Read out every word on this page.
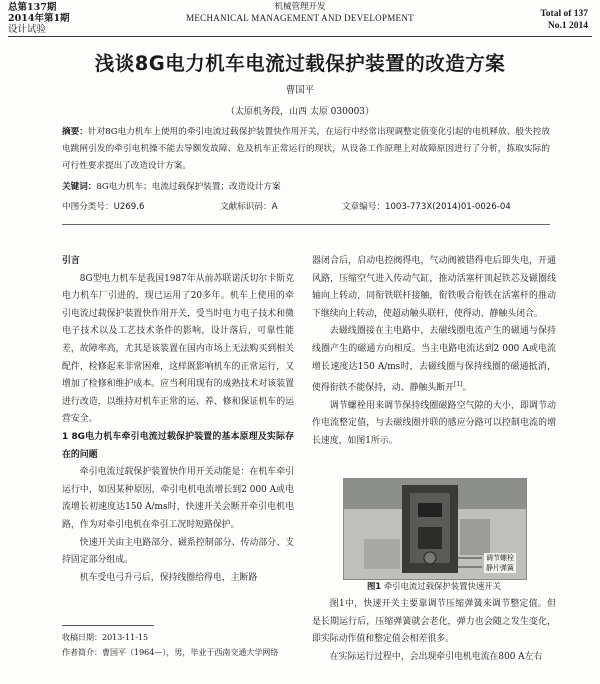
总第137期
2014年第1期
设计试验
机械管理开发
MECHANICAL MANAGEMENT AND DEVELOPMENT	Total of 137
No.1 2014
浅谈8G电力机车电流过载保护装置的改造方案
曹国平
（太原机务段，山西 太原 030003）
摘要：针对8G电力机车上使用的牵引电流过载保护装置快作用开关，在运行中经常出现调整定值变化引起的电机释放、般失控放电跳闸引发的牵引电机操不能去导额发故障、危及机车正常运行的现状，从设备工作原理上对故障原因进行了分析，拣取实际的可行性要求提出了改造设计方案。
关键词：8G电力机车；电流过载保护装置；改造设计方案
中图分类号：U269.6	文献标识码：A	文章编号：1003-773X(2014)01-0026-04
引言

8G型电力机车是我国1987年从前苏联诺沃切尔卡斯克电力机车厂引进的，现已运用了20多年。机车上使用的牵引电流过载保护装置快作用开关，受当时电力电子技术和微电子技术以及工艺技术条件的影响，设计落后，可靠性能差，故障率高，尤其是该装置在国内市场上无法购买到相关配件，检修起来非常困难，这样既影响机车的正常运行，又增加了检修和维护成本。应当利用现有的成熟技术对该装置进行改造，以维持对机车正常的运、养、修和保证机车的运营安全。

1 8G电力机车牵引电流过载保护装置的基本原理及实际存在的问题

牵引电流过载保护装置快作用开关动能是：在机车牵引运行中，如因某种原因，牵引电机电流增长到2 000 A或电流增长初速度达150 A/ms时，快速开关会断开牵引电机电路，作为对牵引电机在牵引工况时短路保护。

快速开关由主电路部分、磁系控制部分、传动部分、支持固定部分组成。

机车受电弓升弓后，保持线圈给得电，主断路

器闭合后，启动电控阀得电，气动阀被错得电后即失电，开通风路，压缩空气进入传动气缸，推动活塞杆顶起铁芯及磁圈线轴向上转动，同衔铁联杆接触，衔铁吸合衔铁在活塞杆的推动下继续向上转动，使超动触头联杆，使得动、静触头闭合。

去磁线圈接在主电路中，去磁线圈电流产生的磁通与保持线圈产生的磁通方向相反。当主电路电流达到2 000 A或电流增长速度达150 A/ms时，去磁线圈与保持线圈的磁通抵消，使得衔铁不能保持，动、静触头断开[1]。

调节螺栓用来调节保持线圈磁路空气隙的大小，即调节动作电流整定值，与去磁线圈并联的感应分路可以控制电流的增长速度，如图1所示。

调节螺栓
静片弹簧
图1 牵引电流过载保护装置快速开关

图1中，快速开关主要靠调节压缩弹簧来调节整定值。但是长期运行后，压缩弹簧就会老化，弹力也会随之发生变化，即实际动作值和整定值会相差很多。

在实际运行过程中，会出现牵引电机电流在800 A左右

收稿日期：2013-11-15
作者简介：曹国平（1964—），男，毕业于西南交通大学网络
